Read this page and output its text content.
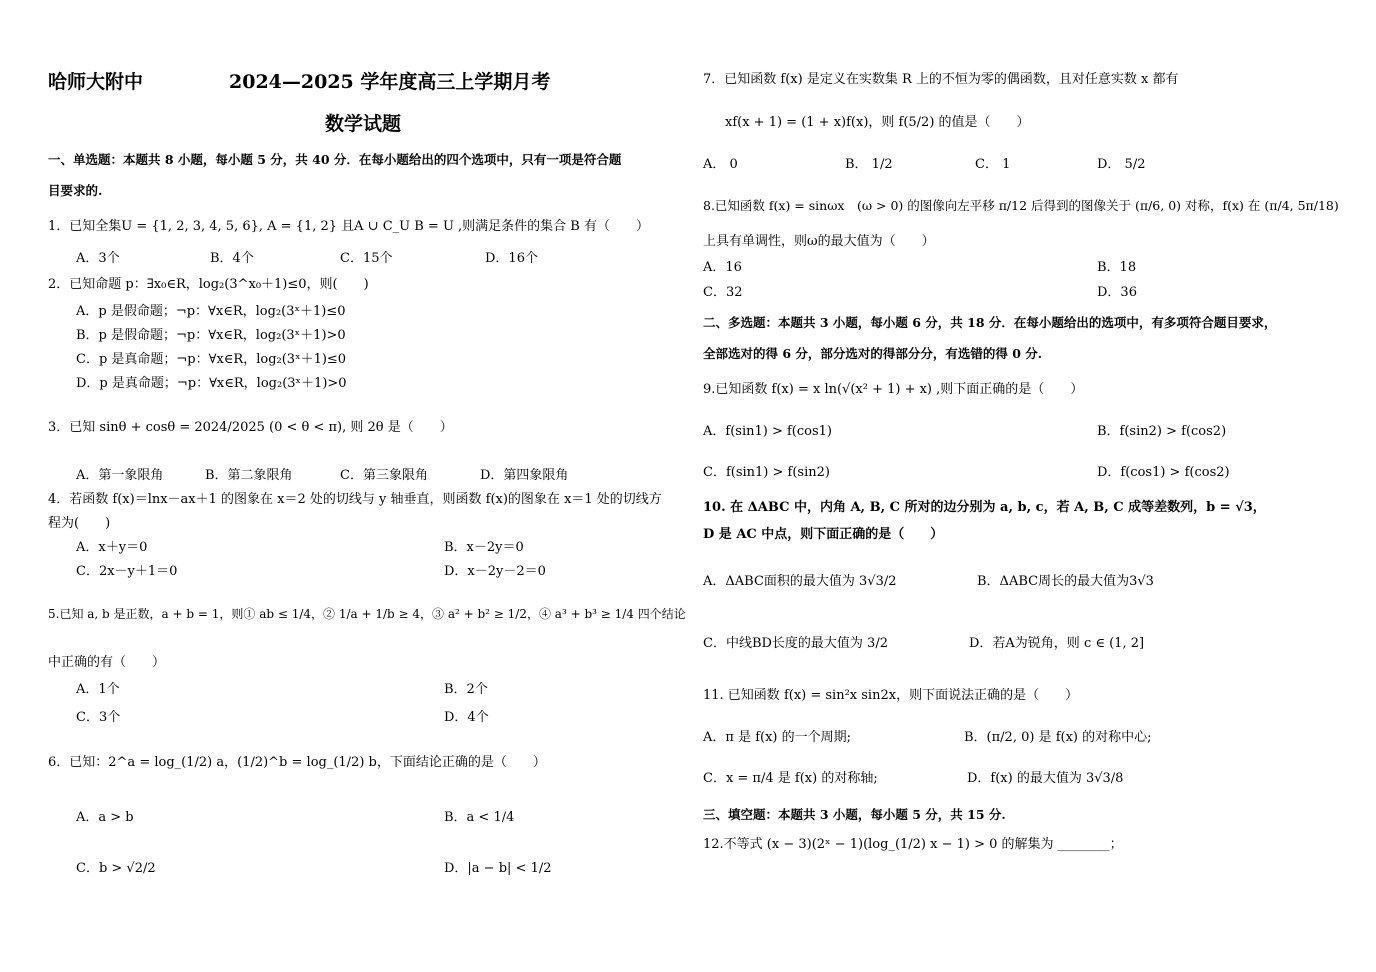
哈师大附中	2024—2025 学年度高三上学期月考
数学试题
一、单选题：本题共 8 小题，每小题 5 分，共 40 分．在每小题给出的四个选项中，只有一项是符合题
目要求的.
1．已知全集U = {1, 2, 3, 4, 5, 6}, A = {1, 2} 且A ∪ C_U B = U ,则满足条件的集合 B 有（　　）
A．3个	B．4个	C．15个	D．16个
2．已知命题 p：∃x₀∈R，log₂(3^x₀＋1)≤0，则(　　)
A．p 是假命题；¬p：∀x∈R，log₂(3ˣ＋1)≤0
B．p 是假命题；¬p：∀x∈R，log₂(3ˣ＋1)>0
C．p 是真命题；¬p：∀x∈R，log₂(3ˣ＋1)≤0
D．p 是真命题；¬p：∀x∈R，log₂(3ˣ＋1)>0
3．已知 sinθ + cosθ = 2024/2025 (0 < θ < π), 则 2θ 是（　　）
A．第一象限角	B．第二象限角	C．第三象限角	D．第四象限角
4．若函数 f(x)＝lnx－ax＋1 的图象在 x＝2 处的切线与 y 轴垂直，则函数 f(x)的图象在 x＝1 处的切线方
程为(　　)
A．x＋y＝0	B．x－2y＝0
C．2x－y＋1＝0	D．x－2y－2＝0
5.已知 a, b 是正数，a + b = 1，则① ab ≤ 1/4，② 1/a + 1/b ≥ 4，③ a² + b² ≥ 1/2，④ a³ + b³ ≥ 1/4 四个结论
中正确的有（　　）
A．1个	B．2个
C．3个	D．4个
6．已知：2^a = log_(1/2) a，(1/2)^b = log_(1/2) b，下面结论正确的是（　　）
A．a > b	B．a < 1/4
C．b > √2/2	D．|a − b| < 1/2
7．已知函数 f(x) 是定义在实数集 R 上的不恒为零的偶函数，且对任意实数 x 都有
xf(x + 1) = (1 + x)f(x)，则 f(5/2) 的值是（　　）
A． 0	B． 1/2	C． 1	D． 5/2
8.已知函数 f(x) = sinωx　(ω > 0) 的图像向左平移 π/12 后得到的图像关于 (π/6, 0) 对称，f(x) 在 (π/4, 5π/18)
上具有单调性，则ω的最大值为（　　）
A．16	B．18
C．32	D．36
二、多选题：本题共 3 小题，每小题 6 分，共 18 分．在每小题给出的选项中，有多项符合题目要求，
全部选对的得 6 分，部分选对的得部分分，有选错的得 0 分.
9.已知函数 f(x) = x ln(√(x² + 1) + x) ,则下面正确的是（　　）
A．f(sin1) > f(cos1)	B．f(sin2) > f(cos2)
C．f(sin1) > f(sin2)	D．f(cos1) > f(cos2)
10. 在 ΔABC 中，内角 A, B, C 所对的边分别为 a, b, c，若 A, B, C 成等差数列，b = √3，
D 是 AC 中点，则下面正确的是（　　）
A．ΔABC面积的最大值为 3√3/2	B．ΔABC周长的最大值为3√3
C．中线BD长度的最大值为 3/2	D．若A为锐角，则 c ∈ (1, 2]
11. 已知函数 f(x) = sin²x sin2x，则下面说法正确的是（　　）
A．π 是 f(x) 的一个周期;	B．(π/2, 0) 是 f(x) 的对称中心;
C．x = π/4 是 f(x) 的对称轴;	D．f(x) 的最大值为 3√3/8
三、填空题：本题共 3 小题，每小题 5 分，共 15 分.
12.不等式 (x − 3)(2ˣ − 1)(log_(1/2) x − 1) > 0 的解集为 ________；
